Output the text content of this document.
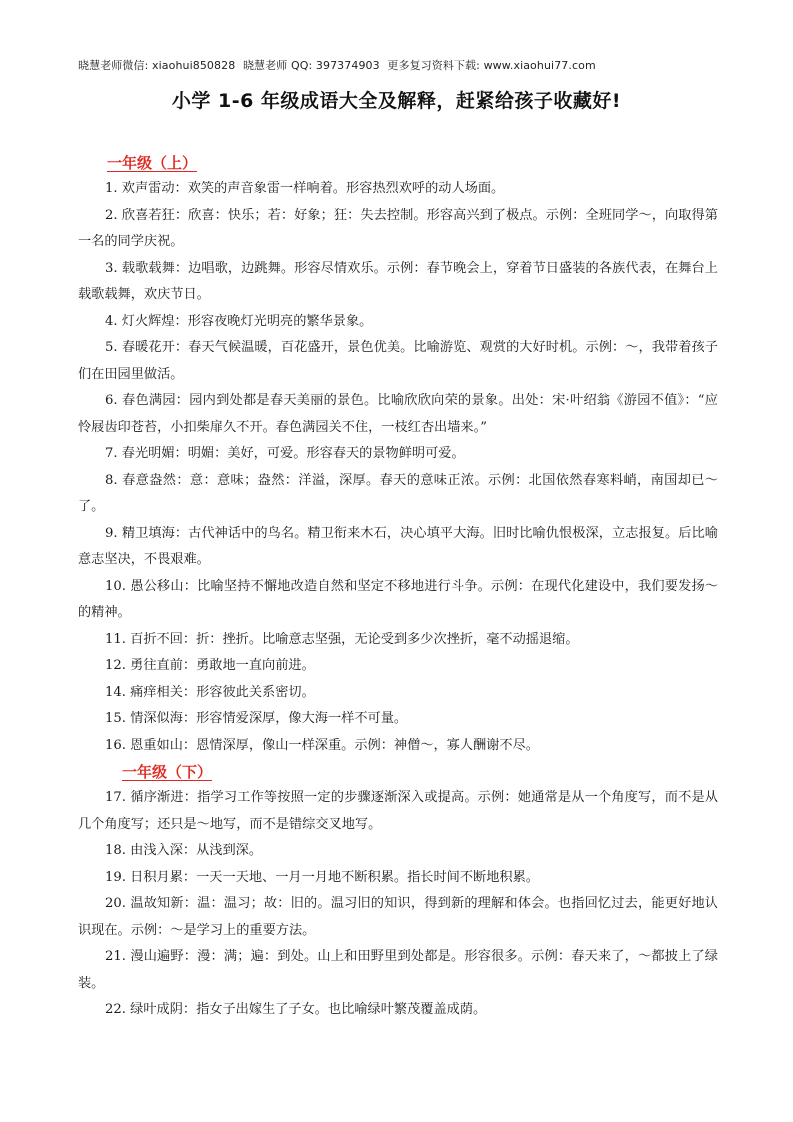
晓慧老师微信: xiaohui850828 晓慧老师 QQ: 397374903 更多复习资料下载: www.xiaohui77.com
小学 1-6 年级成语大全及解释，赶紧给孩子收藏好!
一年级（上）

1. 欢声雷动：欢笑的声音象雷一样响着。形容热烈欢呼的动人场面。

2. 欣喜若狂：欣喜：快乐；若：好象；狂：失去控制。形容高兴到了极点。示例：全班同学～，向取得第一名的同学庆祝。

3. 载歌载舞：边唱歌，边跳舞。形容尽情欢乐。示例：春节晚会上，穿着节日盛装的各族代表，在舞台上载歌载舞，欢庆节日。

4. 灯火辉煌：形容夜晚灯光明亮的繁华景象。

5. 春暖花开：春天气候温暖，百花盛开，景色优美。比喻游览、观赏的大好时机。示例：～，我带着孩子们在田园里做活。

6. 春色满园：园内到处都是春天美丽的景色。比喻欣欣向荣的景象。出处：宋·叶绍翁《游园不值》：“应怜屐齿印苍苔，小扣柴扉久不开。春色满园关不住，一枝红杏出墙来。”

7. 春光明媚：明媚：美好，可爱。形容春天的景物鲜明可爱。

8. 春意盎然：意：意味；盎然：洋溢，深厚。春天的意味正浓。示例：北国依然春寒料峭，南国却已～了。

9. 精卫填海：古代神话中的鸟名。精卫衔来木石，决心填平大海。旧时比喻仇恨极深，立志报复。后比喻意志坚决，不畏艰难。

10. 愚公移山：比喻坚持不懈地改造自然和坚定不移地进行斗争。示例：在现代化建设中，我们要发扬～的精神。

11. 百折不回：折：挫折。比喻意志坚强，无论受到多少次挫折，毫不动摇退缩。

12. 勇往直前：勇敢地一直向前进。

14. 痛痒相关：形容彼此关系密切。

15. 情深似海：形容情爱深厚，像大海一样不可量。

16. 恩重如山：恩情深厚，像山一样深重。示例：神僧～，寡人酬谢不尽。

一年级（下）

17. 循序渐进：指学习工作等按照一定的步骤逐渐深入或提高。示例：她通常是从一个角度写，而不是从几个角度写；还只是～地写，而不是错综交叉地写。

18. 由浅入深：从浅到深。

19. 日积月累：一天一天地、一月一月地不断积累。指长时间不断地积累。

20. 温故知新：温：温习；故：旧的。温习旧的知识，得到新的理解和体会。也指回忆过去，能更好地认识现在。示例：～是学习上的重要方法。

21. 漫山遍野：漫：满；遍：到处。山上和田野里到处都是。形容很多。示例：春天来了，～都披上了绿装。

22. 绿叶成阴：指女子出嫁生了子女。也比喻绿叶繁茂覆盖成荫。
